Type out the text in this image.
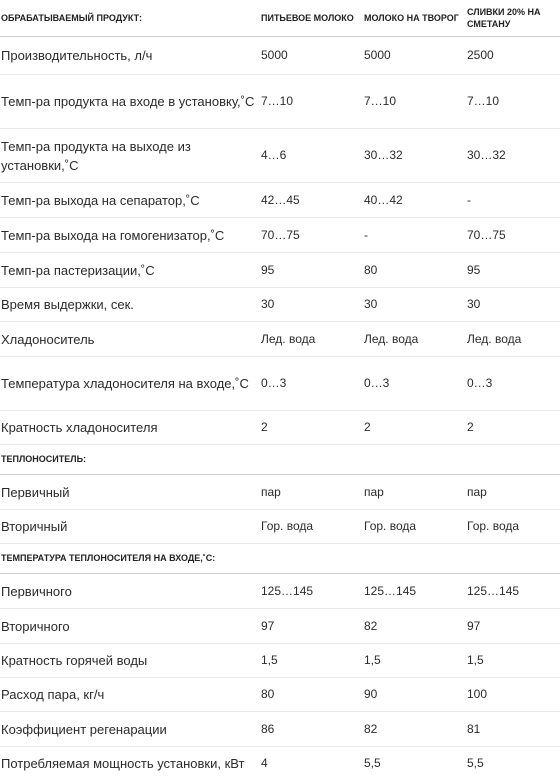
ОБРАБАТЫВАЕМЫЙ ПРОДУКТ:	ПИТЬЕВОЕ МОЛОКО	МОЛОКО НА ТВОРОГ	СЛИВКИ 20% НА СМЕТАНУ
Производительность, л/ч	5000	5000	2500
Темп-ра продукта на входе в установку,˚С	7…10	7…10	7…10
Темп-ра продукта на выходе из установки,˚С	4…6	30…32	30…32
Темп-ра выхода на сепаратор,˚С	42…45	40…42	-
Темп-ра выхода на гомогенизатор,˚С	70…75	-	70…75
Темп-ра пастеризации,˚С	95	80	95
Время выдержки, сек.	30	30	30
Хладоноситель	Лед. вода	Лед. вода	Лед. вода
Температура хладоносителя на входе,˚С	0…3	0…3	0…3
Кратность хладоносителя	2	2	2
ТЕПЛОНОСИТЕЛЬ:			
Первичный	пар	пар	пар
Вторичный	Гор. вода	Гор. вода	Гор. вода
ТЕМПЕРАТУРА ТЕПЛОНОСИТЕЛЯ НА ВХОДЕ,˚С:			
Первичного	125…145	125…145	125…145
Вторичного	97	82	97
Кратность горячей воды	1,5	1,5	1,5
Расход пара, кг/ч	80	90	100
Коэффициент регенарации	86	82	81
Потребляемая мощность установки, кВт	4	5,5	5,5
